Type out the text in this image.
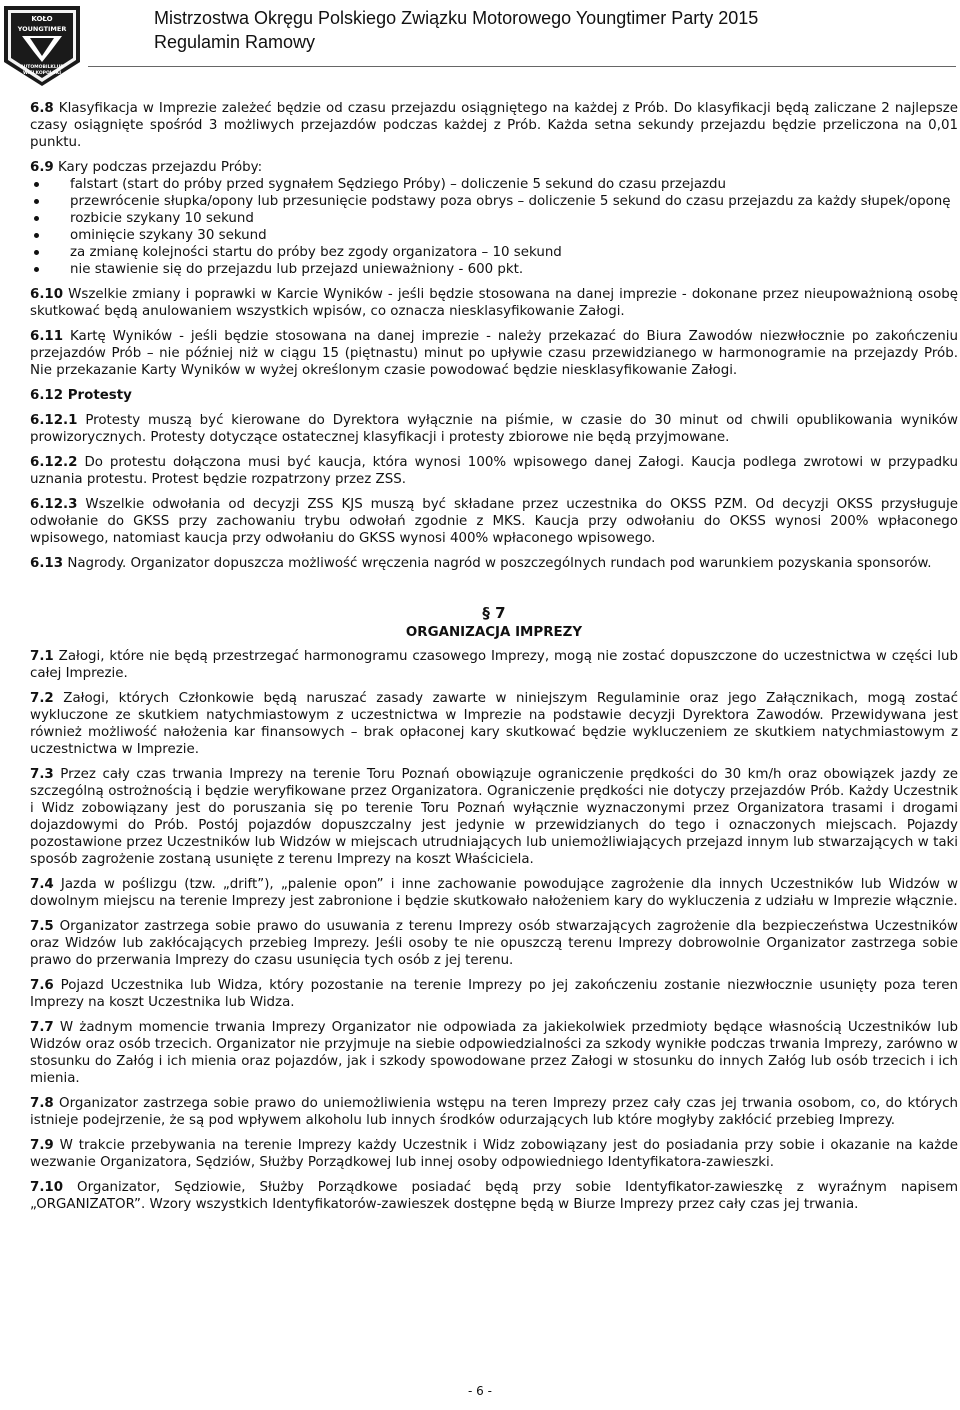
KOŁO
YOUNGTIMER
AUTOMOBILKLUB
WIELKOPOLSKI
Mistrzostwa Okręgu Polskiego Związku Motorowego Youngtimer Party 2015
Regulamin Ramowy

6.8 Klasyfikacja w Imprezie zależeć będzie od czasu przejazdu osiągniętego na każdej z Prób. Do klasyfikacji będą zaliczane 2 najlepsze czasy osiągnięte spośród 3 możliwych przejazdów podczas każdej z Prób. Każda setna sekundy przejazdu będzie przeliczona na 0,01 punktu.

6.9 Kary podczas przejazdu Próby:

falstart (start do próby przed sygnałem Sędziego Próby) – doliczenie 5 sekund do czasu przejazdu
przewrócenie słupka/opony lub przesunięcie podstawy poza obrys – doliczenie 5 sekund do czasu przejazdu za każdy słupek/oponę
rozbicie szykany 10 sekund
ominięcie szykany 30 sekund
za zmianę kolejności startu do próby bez zgody organizatora – 10 sekund
nie stawienie się do przejazdu lub przejazd unieważniony - 600 pkt.

6.10 Wszelkie zmiany i poprawki w Karcie Wyników - jeśli będzie stosowana na danej imprezie - dokonane przez nieupoważnioną osobę skutkować będą anulowaniem wszystkich wpisów, co oznacza niesklasyfikowanie Załogi.

6.11 Kartę Wyników - jeśli będzie stosowana na danej imprezie - należy przekazać do Biura Zawodów niezwłocznie po zakończeniu przejazdów Prób – nie później niż w ciągu 15 (piętnastu) minut po upływie czasu przewidzianego w harmonogramie na przejazdy Prób. Nie przekazanie Karty Wyników w wyżej określonym czasie powodować będzie niesklasyfikowanie Załogi.

6.12 Protesty

6.12.1 Protesty muszą być kierowane do Dyrektora wyłącznie na piśmie, w czasie do 30 minut od chwili opublikowania wyników prowizorycznych. Protesty dotyczące ostatecznej klasyfikacji i protesty zbiorowe nie będą przyjmowane.

6.12.2 Do protestu dołączona musi być kaucja, która wynosi 100% wpisowego danej Załogi. Kaucja podlega zwrotowi w przypadku uznania protestu. Protest będzie rozpatrzony przez ZSS.

6.12.3 Wszelkie odwołania od decyzji ZSS KJS muszą być składane przez uczestnika do OKSS PZM. Od decyzji OKSS przysługuje odwołanie do GKSS przy zachowaniu trybu odwołań zgodnie z MKS. Kaucja przy odwołaniu do OKSS wynosi 200% wpłaconego wpisowego, natomiast kaucja przy odwołaniu do GKSS wynosi 400% wpłaconego wpisowego.

6.13 Nagrody. Organizator dopuszcza możliwość wręczenia nagród w poszczególnych rundach pod warunkiem pozyskania sponsorów.

§ 7
ORGANIZACJA IMPREZY

7.1 Załogi, które nie będą przestrzegać harmonogramu czasowego Imprezy, mogą nie zostać dopuszczone do uczestnictwa w części lub całej Imprezie.

7.2 Załogi, których Członkowie będą naruszać zasady zawarte w niniejszym Regulaminie oraz jego Załącznikach, mogą zostać wykluczone ze skutkiem natychmiastowym z uczestnictwa w Imprezie na podstawie decyzji Dyrektora Zawodów. Przewidywana jest również możliwość nałożenia kar finansowych – brak opłaconej kary skutkować będzie wykluczeniem ze skutkiem natychmiastowym z uczestnictwa w Imprezie.

7.3 Przez cały czas trwania Imprezy na terenie Toru Poznań obowiązuje ograniczenie prędkości do 30 km/h oraz obowiązek jazdy ze szczególną ostrożnością i będzie weryfikowane przez Organizatora. Ograniczenie prędkości nie dotyczy przejazdów Prób. Każdy Uczestnik i Widz zobowiązany jest do poruszania się po terenie Toru Poznań wyłącznie wyznaczonymi przez Organizatora trasami i drogami dojazdowymi do Prób. Postój pojazdów dopuszczalny jest jedynie w przewidzianych do tego i oznaczonych miejscach. Pojazdy pozostawione przez Uczestników lub Widzów w miejscach utrudniających lub uniemożliwiających przejazd innym lub stwarzających w taki sposób zagrożenie zostaną usunięte z terenu Imprezy na koszt Właściciela.

7.4 Jazda w poślizgu (tzw. „drift”), „palenie opon” i inne zachowanie powodujące zagrożenie dla innych Uczestników lub Widzów w dowolnym miejscu na terenie Imprezy jest zabronione i będzie skutkowało nałożeniem kary do wykluczenia z udziału w Imprezie włącznie.

7.5 Organizator zastrzega sobie prawo do usuwania z terenu Imprezy osób stwarzających zagrożenie dla bezpieczeństwa Uczestników oraz Widzów lub zakłócających przebieg Imprezy. Jeśli osoby te nie opuszczą terenu Imprezy dobrowolnie Organizator zastrzega sobie prawo do przerwania Imprezy do czasu usunięcia tych osób z jej terenu.

7.6 Pojazd Uczestnika lub Widza, który pozostanie na terenie Imprezy po jej zakończeniu zostanie niezwłocznie usunięty poza teren Imprezy na koszt Uczestnika lub Widza.

7.7 W żadnym momencie trwania Imprezy Organizator nie odpowiada za jakiekolwiek przedmioty będące własnością Uczestników lub Widzów oraz osób trzecich. Organizator nie przyjmuje na siebie odpowiedzialności za szkody wynikłe podczas trwania Imprezy, zarówno w stosunku do Załóg i ich mienia oraz pojazdów, jak i szkody spowodowane przez Załogi w stosunku do innych Załóg lub osób trzecich i ich mienia.

7.8 Organizator zastrzega sobie prawo do uniemożliwienia wstępu na teren Imprezy przez cały czas jej trwania osobom, co, do których istnieje podejrzenie, że są pod wpływem alkoholu lub innych środków odurzających lub które mogłyby zakłócić przebieg Imprezy.

7.9 W trakcie przebywania na terenie Imprezy każdy Uczestnik i Widz zobowiązany jest do posiadania przy sobie i okazanie na każde wezwanie Organizatora, Sędziów, Służby Porządkowej lub innej osoby odpowiedniego Identyfikatora-zawieszki.

7.10 Organizator, Sędziowie, Służby Porządkowe posiadać będą przy sobie Identyfikator-zawieszkę z wyraźnym napisem „ORGANIZATOR”. Wzory wszystkich Identyfikatorów-zawieszek dostępne będą w Biurze Imprezy przez cały czas jej trwania.

- 6 -
